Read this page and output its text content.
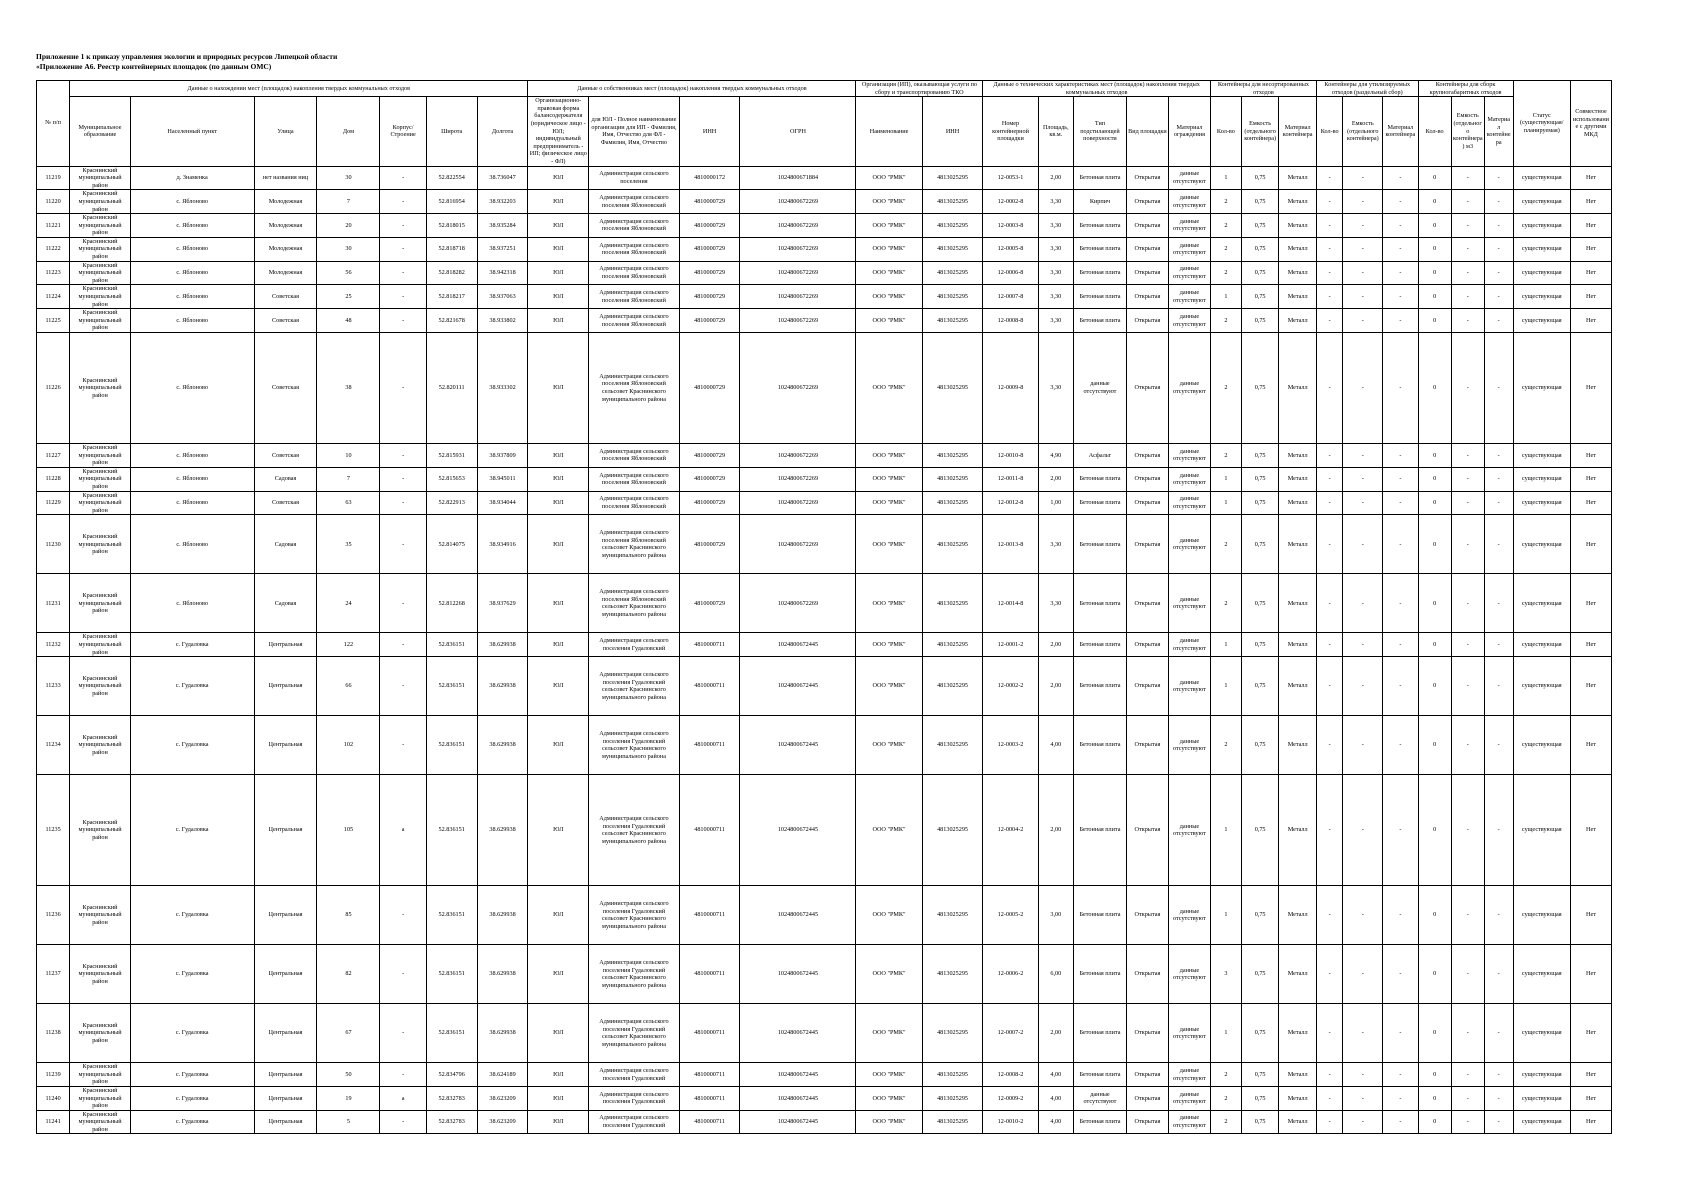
Приложение 1 к приказу управления экологии и природных ресурсов Липецкой области
«Приложение А6. Реестр контейнерных площадок (по данным ОМС)
№ п/п	Данные о нахождении мест (площадок) накопления твердых коммунальных отходов							Данные о собственниках мест (площадок) накопления твердых коммунальных отходов				Организация (ИП), оказывающая услуги по сбору и транспортированию ТКО		Данные о технических характеристиках мест (площадок) накопления твердых коммунальных отходов					Контейнеры для несортированных отходов			Контейнеры для утилизируемых отходов (раздельный сбор)			Контейнеры для сборк крупногабаритных отходов			Статус (существующая/ планируемая)	Совместное использование с другими МКД
	Муниципальное образование	Населенный пункт	Улица	Дом	Корпус/Строение	Широта	Долгота	Организационно-правовая форма балансодержателя (юридическое лицо - ЮЛ; индивидуальный предприниматель - ИП; физическое лицо - ФЛ)	для ЮЛ - Полное наименование организации для ИП - Фамилия, Имя, Отчество для ФЛ - Фамилия, Имя, Отчество	ИНН	ОГРН	Наименование	ИНН	Номер контейнерной площадки	Площадь, кв.м.	Тип подстилающей поверхности	Вид площадки	Материал ограждения	Кол-во	Емкость (отдельного контейнера)	Материал контейнера	Кол-во	Емкость (отдельного контейнера)	Материал контейнера	Кол-во	Емкость (отдельного контейнера) м3	Материал контейнера		
11219	Краснинский муниципальный район	д. Знаменка	нет названия ниц	30	-	52.822554	38.736047	ЮЛ	Администрация сельского поселения	4810000172	1024800671884	ООО "РМК"	4813025295	12-0053-1	2,00	Бетонная плита	Открытая	данные отсутствуют	1	0,75	Металл	-	-	-	0	-	-	существующая	Нет
11220	Краснинский муниципальный район	с. Яблоново	Молодежная	7	-	52.816954	38.932203	ЮЛ	Администрация сельского поселения Яблоновский	4810000729	1024800672269	ООО "РМК"	4813025295	12-0002-8	3,30	Кирпич	Открытая	данные отсутствуют	2	0,75	Металл	-	-	-	0	-	-	существующая	Нет
11221	Краснинский муниципальный район	с. Яблоново	Молодежная	20	-	52.818015	38.935284	ЮЛ	Администрация сельского поселения Яблоновский	4810000729	1024800672269	ООО "РМК"	4813025295	12-0003-8	3,30	Бетонная плита	Открытая	данные отсутствуют	2	0,75	Металл	-	-	-	0	-	-	существующая	Нет
11222	Краснинский муниципальный район	с. Яблоново	Молодежная	30	-	52.818718	38.937251	ЮЛ	Администрация сельского поселения Яблоновский	4810000729	1024800672269	ООО "РМК"	4813025295	12-0005-8	3,30	Бетонная плита	Открытая	данные отсутствуют	2	0,75	Металл	-	-	-	0	-	-	существующая	Нет
11223	Краснинский муниципальный район	с. Яблоново	Молодежная	56	-	52.818282	38.942318	ЮЛ	Администрация сельского поселения Яблоновский	4810000729	1024800672269	ООО "РМК"	4813025295	12-0006-8	3,30	Бетонная плита	Открытая	данные отсутствуют	2	0,75	Металл	-	-	-	0	-	-	существующая	Нет
11224	Краснинский муниципальный район	с. Яблоново	Советская	25	-	52.818217	38.937063	ЮЛ	Администрация сельского поселения Яблоновский	4810000729	1024800672269	ООО "РМК"	4813025295	12-0007-8	3,30	Бетонная плита	Открытая	данные отсутствуют	1	0,75	Металл	-	-	-	0	-	-	существующая	Нет
11225	Краснинский муниципальный район	с. Яблоново	Советская	48	-	52.821678	38.933802	ЮЛ	Администрация сельского поселения Яблоновский	4810000729	1024800672269	ООО "РМК"	4813025295	12-0008-8	3,30	Бетонная плита	Открытая	данные отсутствуют	2	0,75	Металл	-	-	-	0	-	-	существующая	Нет
11226	Краснинский муниципальный район	с. Яблоново	Советская	38	-	52.820111	38.933302	ЮЛ	Администрация сельского поселения Яблоновский сельсовет Краснинского муниципального района	4810000729	1024800672269	ООО "РМК"	4813025295	12-0009-8	3,30	данные отсутствуют	Открытая	данные отсутствуют	2	0,75	Металл	-	-	-	0	-	-	существующая	Нет
11227	Краснинский муниципальный район	с. Яблоново	Советская	10	-	52.815931	38.937809	ЮЛ	Администрация сельского поселения Яблоновский	4810000729	1024800672269	ООО "РМК"	4813025295	12-0010-8	4,90	Асфальт	Открытая	данные отсутствуют	2	0,75	Металл	-	-	-	0	-	-	существующая	Нет
11228	Краснинский муниципальный район	с. Яблоново	Садовая	7	-	52.815653	38.945011	ЮЛ	Администрация сельского поселения Яблоновский	4810000729	1024800672269	ООО "РМК"	4813025295	12-0011-8	2,00	Бетонная плита	Открытая	данные отсутствуют	1	0,75	Металл	-	-	-	0	-	-	существующая	Нет
11229	Краснинский муниципальный район	с. Яблоново	Советская	63	-	52.822913	38.934044	ЮЛ	Администрация сельского поселения Яблоновский	4810000729	1024800672269	ООО "РМК"	4813025295	12-0012-8	1,00	Бетонная плита	Открытая	данные отсутствуют	1	0,75	Металл	-	-	-	0	-	-	существующая	Нет
11230	Краснинский муниципальный район	с. Яблоново	Садовая	35	-	52.814075	38.934916	ЮЛ	Администрация сельского поселения Яблоновский сельсовет Краснинского муниципального района	4810000729	1024800672269	ООО "РМК"	4813025295	12-0013-8	3,30	Бетонная плита	Открытая	данные отсутствуют	2	0,75	Металл	-	-	-	0	-	-	существующая	Нет
11231	Краснинский муниципальный район	с. Яблоново	Садовая	24	-	52.812268	38.937629	ЮЛ	Администрация сельского поселения Яблоновский сельсовет Краснинского муниципального района	4810000729	1024800672269	ООО "РМК"	4813025295	12-0014-8	3,30	Бетонная плита	Открытая	данные отсутствуют	2	0,75	Металл	-	-	-	0	-	-	существующая	Нет
11232	Краснинский муниципальный район	с. Гудаловка	Центральная	122	-	52.836151	38.629938	ЮЛ	Администрация сельского поселения Гудаловский	4810000711	1024800672445	ООО "РМК"	4813025295	12-0001-2	2,00	Бетонная плита	Открытая	данные отсутствуют	1	0,75	Металл	-	-	-	0	-	-	существующая	Нет
11233	Краснинский муниципальный район	с. Гудаловка	Центральная	66	-	52.836151	38.629938	ЮЛ	Администрация сельского поселения Гудаловский сельсовет Краснинского муниципального района	4810000711	1024800672445	ООО "РМК"	4813025295	12-0002-2	2,00	Бетонная плита	Открытая	данные отсутствуют	1	0,75	Металл	-	-	-	0	-	-	существующая	Нет
11234	Краснинский муниципальный район	с. Гудаловка	Центральная	102	-	52.836151	38.629938	ЮЛ	Администрация сельского поселения Гудаловский сельсовет Краснинского муниципального района	4810000711	1024800672445	ООО "РМК"	4813025295	12-0003-2	4,00	Бетонная плита	Открытая	данные отсутствуют	2	0,75	Металл	-	-	-	0	-	-	существующая	Нет
11235	Краснинский муниципальный район	с. Гудаловка	Центральная	105	а	52.836151	38.629938	ЮЛ	Администрация сельского поселения Гудаловский сельсовет Краснинского муниципального района	4810000711	1024800672445	ООО "РМК"	4813025295	12-0004-2	2,00	Бетонная плита	Открытая	данные отсутствуют	1	0,75	Металл	-	-	-	0	-	-	существующая	Нет
11236	Краснинский муниципальный район	с. Гудаловка	Центральная	85	-	52.836151	38.629938	ЮЛ	Администрация сельского поселения Гудаловский сельсовет Краснинского муниципального района	4810000711	1024800672445	ООО "РМК"	4813025295	12-0005-2	3,00	Бетонная плита	Открытая	данные отсутствуют	1	0,75	Металл	-	-	-	0	-	-	существующая	Нет
11237	Краснинский муниципальный район	с. Гудаловка	Центральная	82	-	52.836151	38.629938	ЮЛ	Администрация сельского поселения Гудаловский сельсовет Краснинского муниципального района	4810000711	1024800672445	ООО "РМК"	4813025295	12-0006-2	6,00	Бетонная плита	Открытая	данные отсутствуют	3	0,75	Металл	-	-	-	0	-	-	существующая	Нет
11238	Краснинский муниципальный район	с. Гудаловка	Центральная	67	-	52.836151	38.629938	ЮЛ	Администрация сельского поселения Гудаловский сельсовет Краснинского муниципального района	4810000711	1024800672445	ООО "РМК"	4813025295	12-0007-2	2,00	Бетонная плита	Открытая	данные отсутствуют	1	0,75	Металл	-	-	-	0	-	-	существующая	Нет
11239	Краснинский муниципальный район	с. Гудаловка	Центральная	50	-	52.834796	38.624189	ЮЛ	Администрация сельского поселения Гудаловский	4810000711	1024800672445	ООО "РМК"	4813025295	12-0008-2	4,00	Бетонная плита	Открытая	данные отсутствуют	2	0,75	Металл	-	-	-	0	-	-	существующая	Нет
11240	Краснинский муниципальный район	с. Гудаловка	Центральная	19	а	52.832783	38.623209	ЮЛ	Администрация сельского поселения Гудаловский	4810000711	1024800672445	ООО "РМК"	4813025295	12-0009-2	4,00	данные отсутствуют	Открытая	данные отсутствуют	2	0,75	Металл	-	-	-	0	-	-	существующая	Нет
11241	Краснинский муниципальный район	с. Гудаловка	Центральная	5	-	52.832783	38.623209	ЮЛ	Администрация сельского поселения Гудаловский	4810000711	1024800672445	ООО "РМК"	4813025295	12-0010-2	4,00	Бетонная плита	Открытая	данные отсутствуют	2	0,75	Металл	-	-	-	0	-	-	существующая	Нет
